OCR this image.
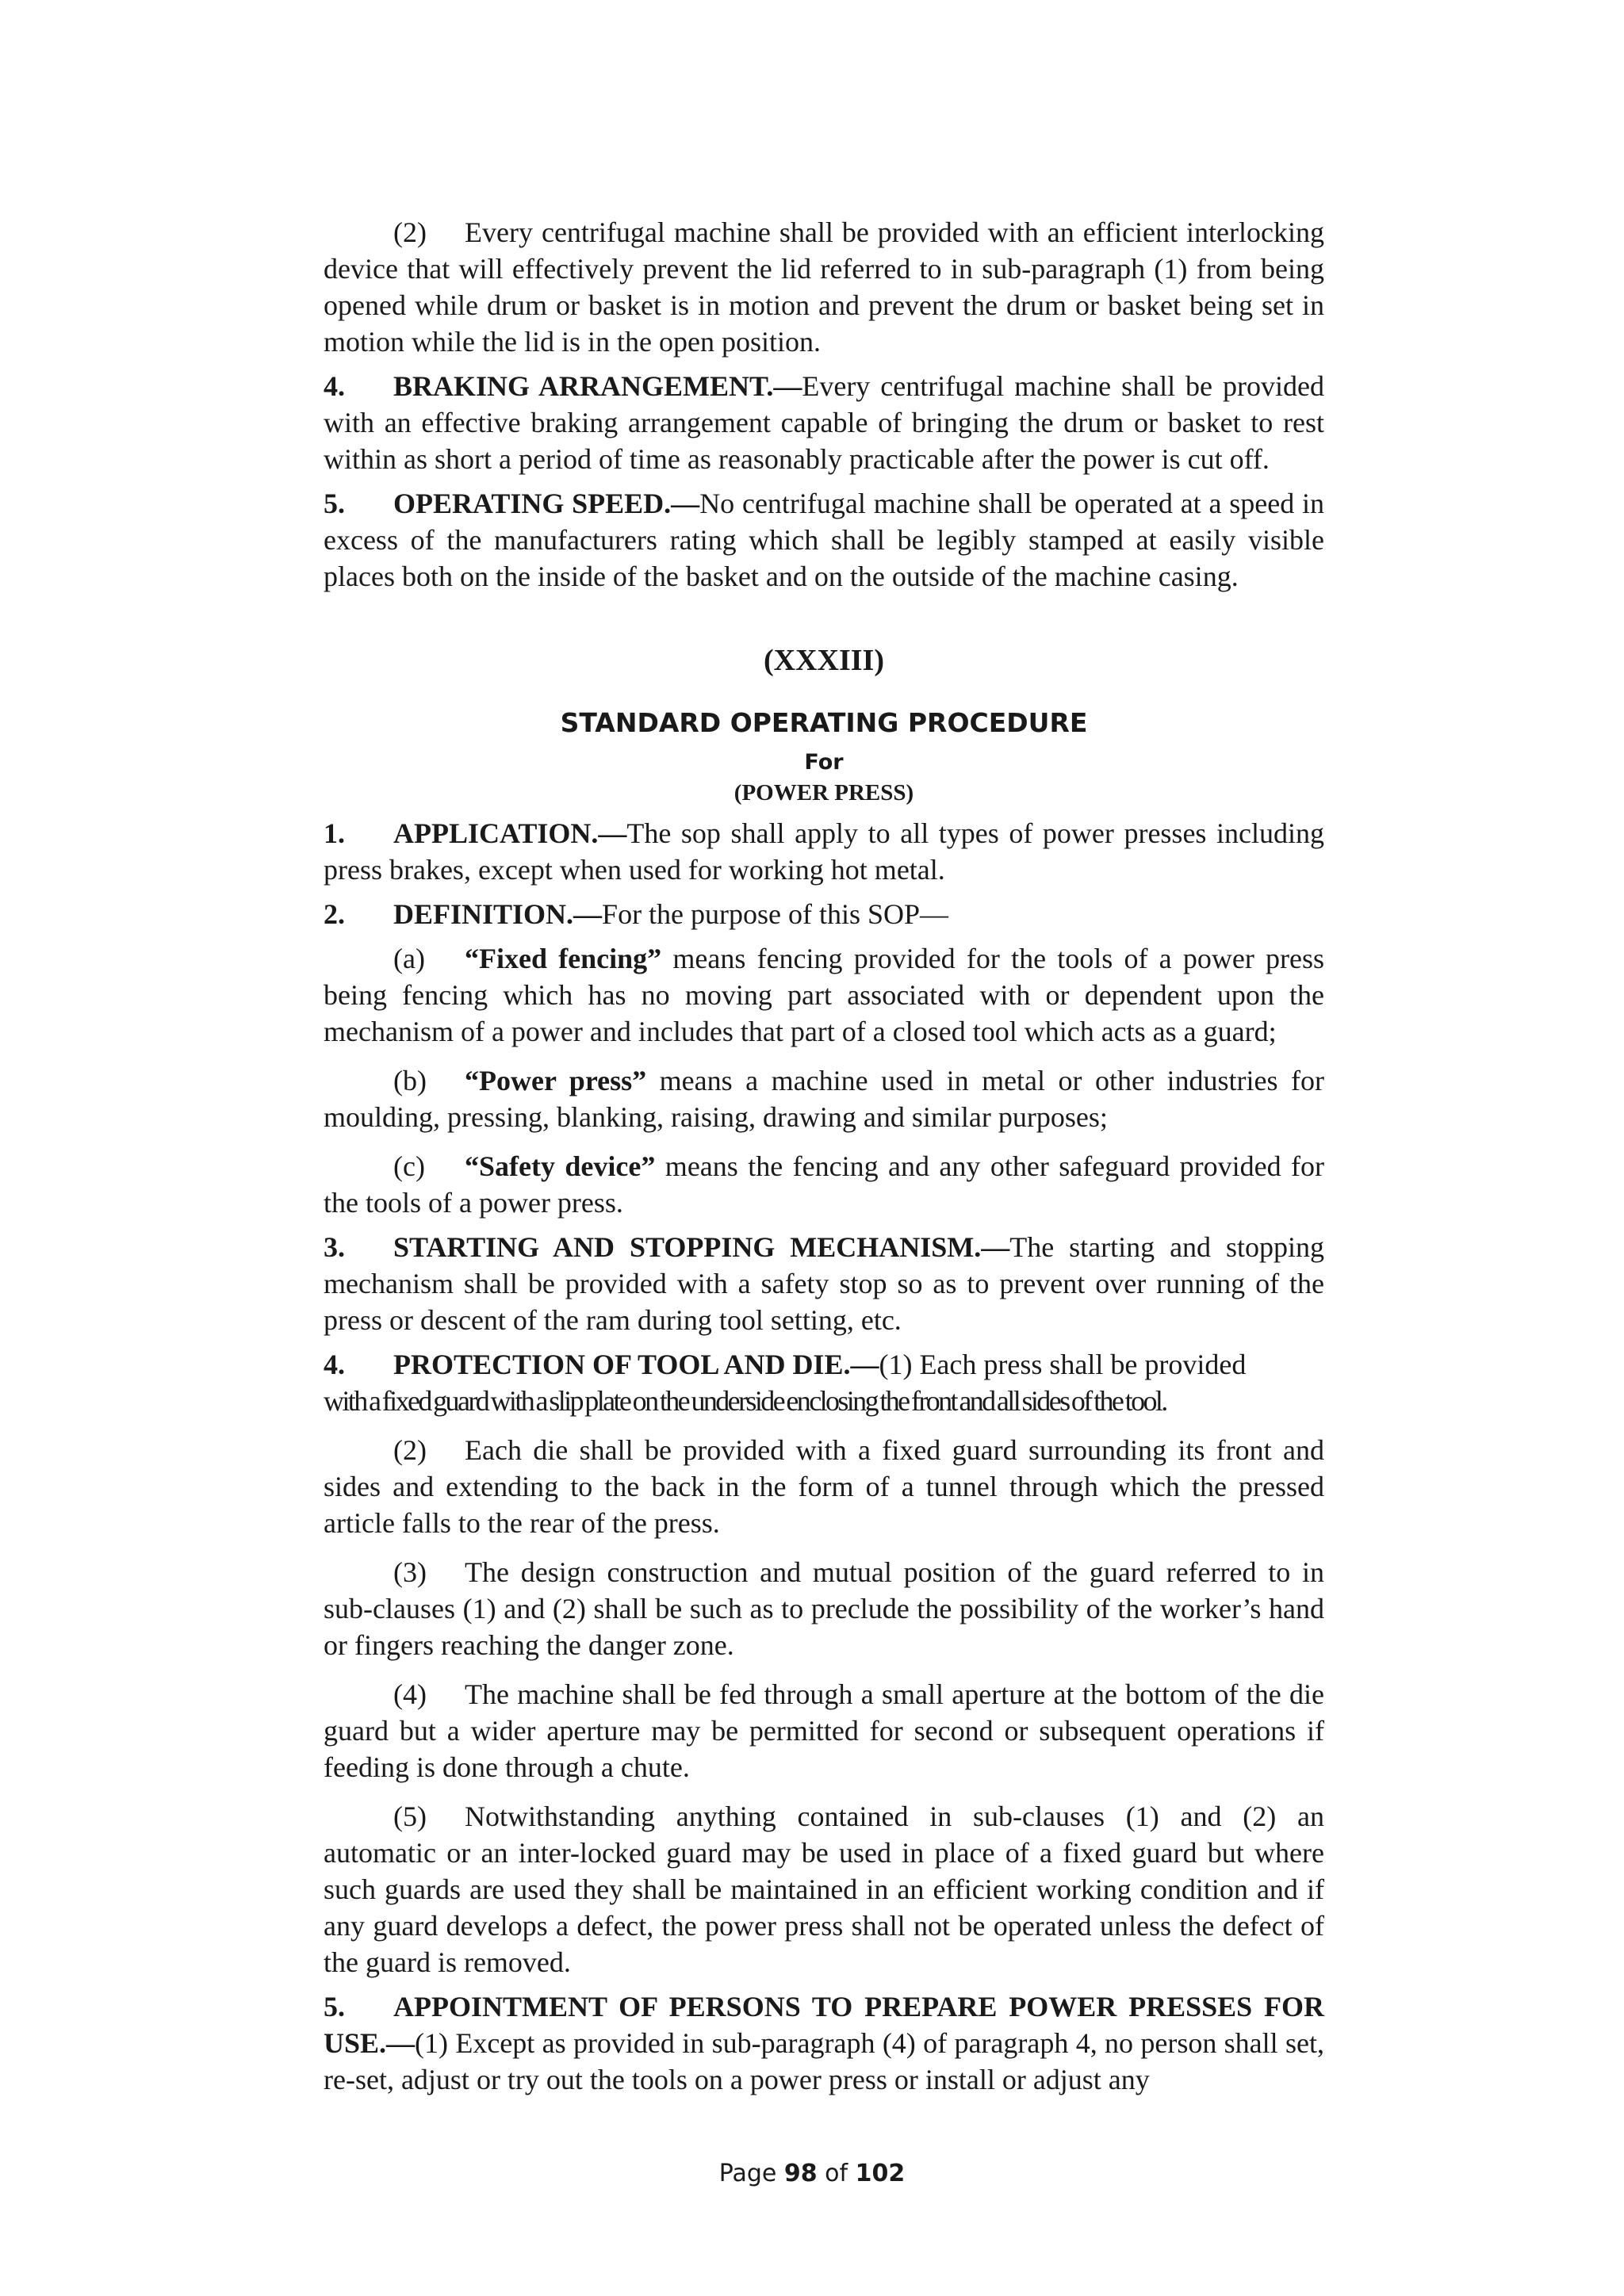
(2) Every centrifugal machine shall be provided with an efficient interlocking device that will effectively prevent the lid referred to in sub-paragraph (1) from being opened while drum or basket is in motion and prevent the drum or basket being set in motion while the lid is in the open position.

4. BRAKING ARRANGEMENT.—Every centrifugal machine shall be provided with an effective braking arrangement capable of bringing the drum or basket to rest within as short a period of time as reasonably practicable after the power is cut off.

5. OPERATING SPEED.—No centrifugal machine shall be operated at a speed in excess of the manufacturers rating which shall be legibly stamped at easily visible places both on the inside of the basket and on the outside of the machine casing.

(XXXIII)
STANDARD OPERATING PROCEDURE
For
(POWER PRESS)

1. APPLICATION.—The sop shall apply to all types of power presses including press brakes, except when used for working hot metal.

2. DEFINITION.—For the purpose of this SOP—

(a) “Fixed fencing” means fencing provided for the tools of a power press being fencing which has no moving part associated with or dependent upon the mechanism of a power and includes that part of a closed tool which acts as a guard;

(b) “Power press” means a machine used in metal or other industries for moulding, pressing, blanking, raising, drawing and similar purposes;

(c) “Safety device” means the fencing and any other safeguard provided for the tools of a power press.

3. STARTING AND STOPPING MECHANISM.—The starting and stopping mechanism shall be provided with a safety stop so as to prevent over running of the press or descent of the ram during tool setting, etc.

4. PROTECTION OF TOOL AND DIE.—(1) Each press shall be provided

with a fixed guard with a slip plate on the underside enclosing the front and all sides of the tool.

(2) Each die shall be provided with a fixed guard surrounding its front and sides and extending to the back in the form of a tunnel through which the pressed article falls to the rear of the press.

(3) The design construction and mutual position of the guard referred to in sub-clauses (1) and (2) shall be such as to preclude the possibility of the worker’s hand or fingers reaching the danger zone.

(4) The machine shall be fed through a small aperture at the bottom of the die guard but a wider aperture may be permitted for second or subsequent operations if feeding is done through a chute.

(5) Notwithstanding anything contained in sub-clauses (1) and (2) an automatic or an inter-locked guard may be used in place of a fixed guard but where such guards are used they shall be maintained in an efficient working condition and if any guard develops a defect, the power press shall not be operated unless the defect of the guard is removed.

5. APPOINTMENT OF PERSONS TO PREPARE POWER PRESSES FOR USE.—(1) Except as provided in sub-paragraph (4) of paragraph 4, no person shall set, re-set, adjust or try out the tools on a power press or install or adjust any

Page 98 of 102
